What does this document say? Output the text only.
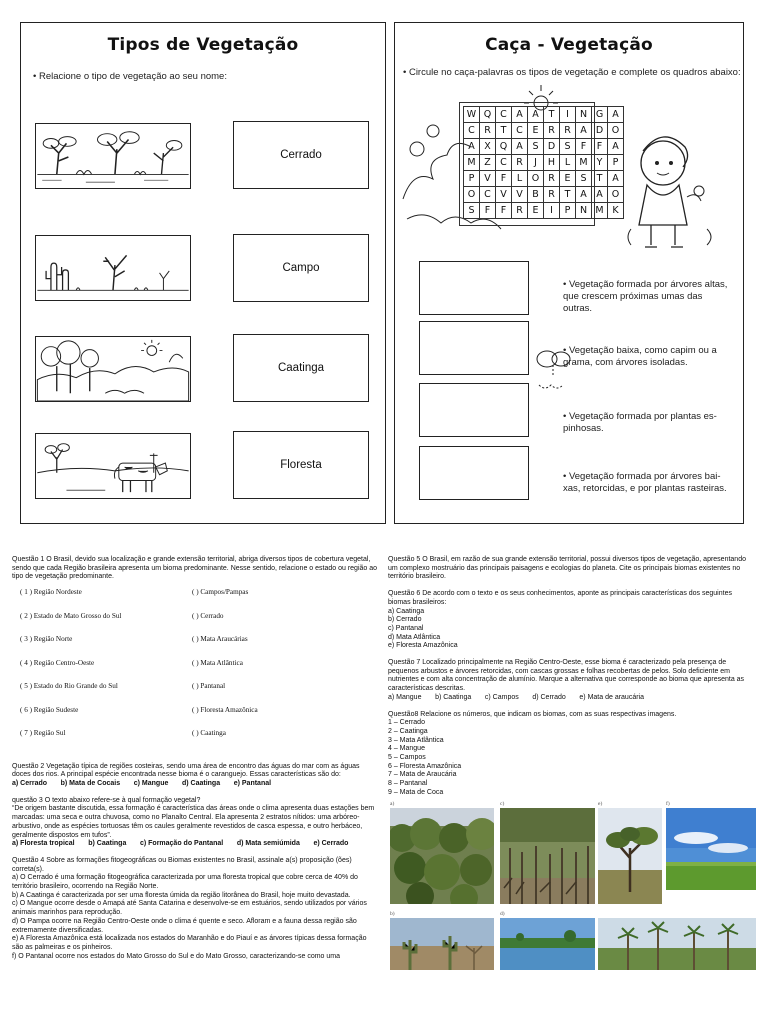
Tipos de Vegetação
• Relacione o tipo de vegetação ao seu nome:
Cerrado
Campo
Caatinga
Floresta
Caça - Vegetação
• Circule no caça-palavras os tipos de vegetação e complete os quadros abaixo:
W	Q	C	A	A	T	I	N	G	A
C	R	T	C	E	R	R	A	D	O
A	X	Q	A	S	D	S	F	F	A
M	Z	C	R	J	H	L	M	Y	P
P	V	F	L	O	R	E	S	T	A
O	C	V	V	B	R	T	A	A	O
S	F	F	R	E	I	P	N	M	K
• Vegetação formada por árvores altas, que crescem próximas umas das outras.
• Vegetação baixa, como capim ou a grama, com árvores isoladas.
• Vegetação formada por plantas es-pinhosas.
• Vegetação formada por árvores bai-xas, retorcidas, e por plantas rasteiras.

Questão 1 O Brasil, devido sua localização e grande extensão territorial, abriga diversos tipos de cobertura vegetal, sendo que cada Região brasileira apresenta um bioma predominante. Nesse sentido, relacione o estado ou região ao tipo de vegetação predominante.

( 1 ) Região Nordeste	( ) Campos/Pampas
( 2 ) Estado de Mato Grosso do Sul	( ) Cerrado
( 3 ) Região Norte	( ) Mata Araucárias
( 4 ) Região Centro-Oeste	( ) Mata Atlântica
( 5 ) Estado do Rio Grande do Sul	( ) Pantanal
( 6 ) Região Sudeste	( ) Floresta Amazônica
( 7 ) Região Sul	( ) Caatinga

Questão 2 Vegetação típica de regiões costeiras, sendo uma área de encontro das águas do mar com as águas doces dos rios. A principal espécie encontrada nesse bioma é o caranguejo. Essas características são do:

a) Cerrado       b) Mata de Cocais       c) Mangue       d) Caatinga       e) Pantanal

questão 3 O texto abaixo refere-se à qual formação vegetal?

“De origem bastante discutida, essa formação é característica das áreas onde o clima apresenta duas estações bem marcadas: uma seca e outra chuvosa, como no Planalto Central. Ela apresenta 2 estratos nítidos: uma arbóreo-arbustivo, onde as espécies tortuosas têm os caules geralmente revestidos de casca espessa, e outro herbáceo, geralmente dispostos em tufos”.

a) Floresta tropical       b) Caatinga       c) Formação do Pantanal       d) Mata semiúmida       e) Cerrado

Questão 4 Sobre as formações fitogeográficas ou Biomas existentes no Brasil, assinale a(s) proposição (ões) correta(s).

a) O Cerrado é uma formação fitogeográfica caracterizada por uma floresta tropical que cobre cerca de 40% do território brasileiro, ocorrendo na Região Norte.

b) A Caatinga é caracterizada por ser uma floresta úmida da região litorânea do Brasil, hoje muito devastada.

c) O Mangue ocorre desde o Amapá até Santa Catarina e desenvolve-se em estuários, sendo utilizados por vários animais marinhos para reprodução.

d) O Pampa ocorre na Região Centro-Oeste onde o clima é quente e seco. Afloram e a fauna dessa região são extremamente diversificadas.

e) A Floresta Amazônica está localizada nos estados do Maranhão e do Piauí e as árvores típicas dessa formação são as palmeiras e os pinheiros.

f) O Pantanal ocorre nos estados do Mato Grosso do Sul e do Mato Grosso, caracterizando-se como uma

Questão 5 O Brasil, em razão de sua grande extensão territorial, possui diversos tipos de vegetação, apresentando um complexo mostruário das principais paisagens e ecologias do planeta. Cite os principais biomas existentes no território brasileiro.

Questão 6 De acordo com o texto e os seus conhecimentos, aponte as principais características dos seguintes biomas brasileiros:

a) Caatinga

b) Cerrado

c) Pantanal

d) Mata Atlântica

e) Floresta Amazônica

Questão 7 Localizado principalmente na Região Centro-Oeste, esse bioma é caracterizado pela presença de pequenos arbustos e árvores retorcidas, com cascas grossas e folhas recobertas de pelos. Solo deficiente em nutrientes e com alta concentração de alumínio. Marque a alternativa que corresponde ao bioma que apresenta as características descritas.

a) Mangue       b) Caatinga       c) Campos       d) Cerrado       e) Mata de araucária

Questão8 Relacione os números, que indicam os biomas, com as suas respectivas imagens.

1 – Cerrado

2 – Caatinga

3 – Mata Atlântica

4 – Mangue

5 – Campos

6 – Floresta Amazônica

7 – Mata de Araucária

8 – Pantanal

9 – Mata de Coca

a)	c)	e)	f)
b)	d)
